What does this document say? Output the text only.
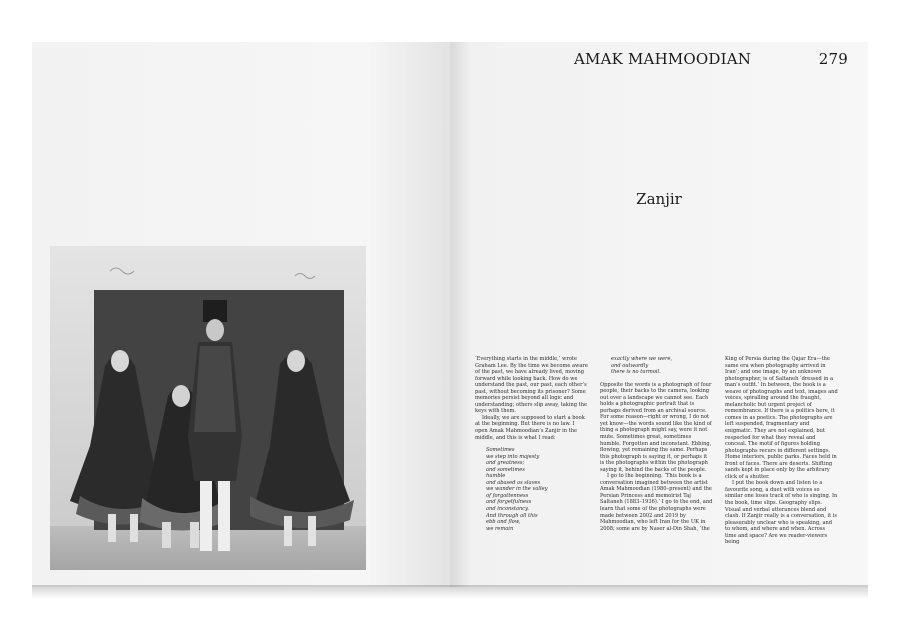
AMAK MAHMOODIAN	279
Zanjir

‘Everything starts in the middle,’ wrote Graham Lee. By the time we become aware of the past, we have already lived, moving forward while looking back. How do we understand the past, our past, each other’s past, without becoming its prisoner? Some memories persist beyond all logic and understanding; others slip away, taking the keys with them.

Ideally, we are supposed to start a book at the beginning. But there is no law. I open Amak Mahmoodian’s Zanjir in the middle, and this is what I read:

Sometimes
we step into majesty
and greatness;
and sometimes
humble
and abased as slaves
we wander in the valley
of forgottenness
and forgetfulness
and inconstancy.
And through all this
ebb and flow,
we remain
exactly where we were,
and outwardly
there is no turmoil.

Opposite the words is a photograph of four people, their backs to the camera, looking out over a landscape we cannot see. Each holds a photographic portrait that is perhaps derived from an archival source. For some reason—right or wrong, I do not yet know—the words sound like the kind of thing a photograph might say, were it not mute. Sometimes great, sometimes humble. Forgotten and inconstant. Ebbing, flowing, yet remaining the same. Perhaps this photograph is saying it, or perhaps it is the photographs within the photograph saying it, behind the backs of the people.

I go to the beginning. ‘This book is a conversation imagined between the artist Amak Mahmoodian (1980–present) and the Persian Princess and memoirist Taj Saltaneh (1883–1936).’ I go to the end, and learn that some of the photographs were made between 2002 and 2019 by Mahmoodian, who left Iran for the UK in 2008; some are by Naser al-Din Shah, ‘the

King of Persia during the Qajar Era—the same era when photography arrived in Iran’; and one image, by an unknown photographer, is of Saltaneh ‘dressed in a man’s outfit.’ In between, the book is a weave of photographs and text, images and voices, spiralling around the fraught, melancholic but urgent project of remembrance. If there is a politics here, it comes in as poetics. The photographs are left suspended, fragmentary and enigmatic. They are not explained, but respected for what they reveal and conceal. The motif of figures holding photographs recurs in different settings. Home interiors, public parks. Faces held in front of faces. There are deserts. Shifting sands kept in place only by the arbitrary click of a shutter.

I put the book down and listen to a favourite song, a duet with voices so similar one loses track of who is singing. In the book, time slips. Geography slips. Visual and verbal utterances blend and clash. If Zanjir really is a conversation, it is pleasurably unclear who is speaking, and to whom, and where and when. Across time and space? Are we reader-viewers being
